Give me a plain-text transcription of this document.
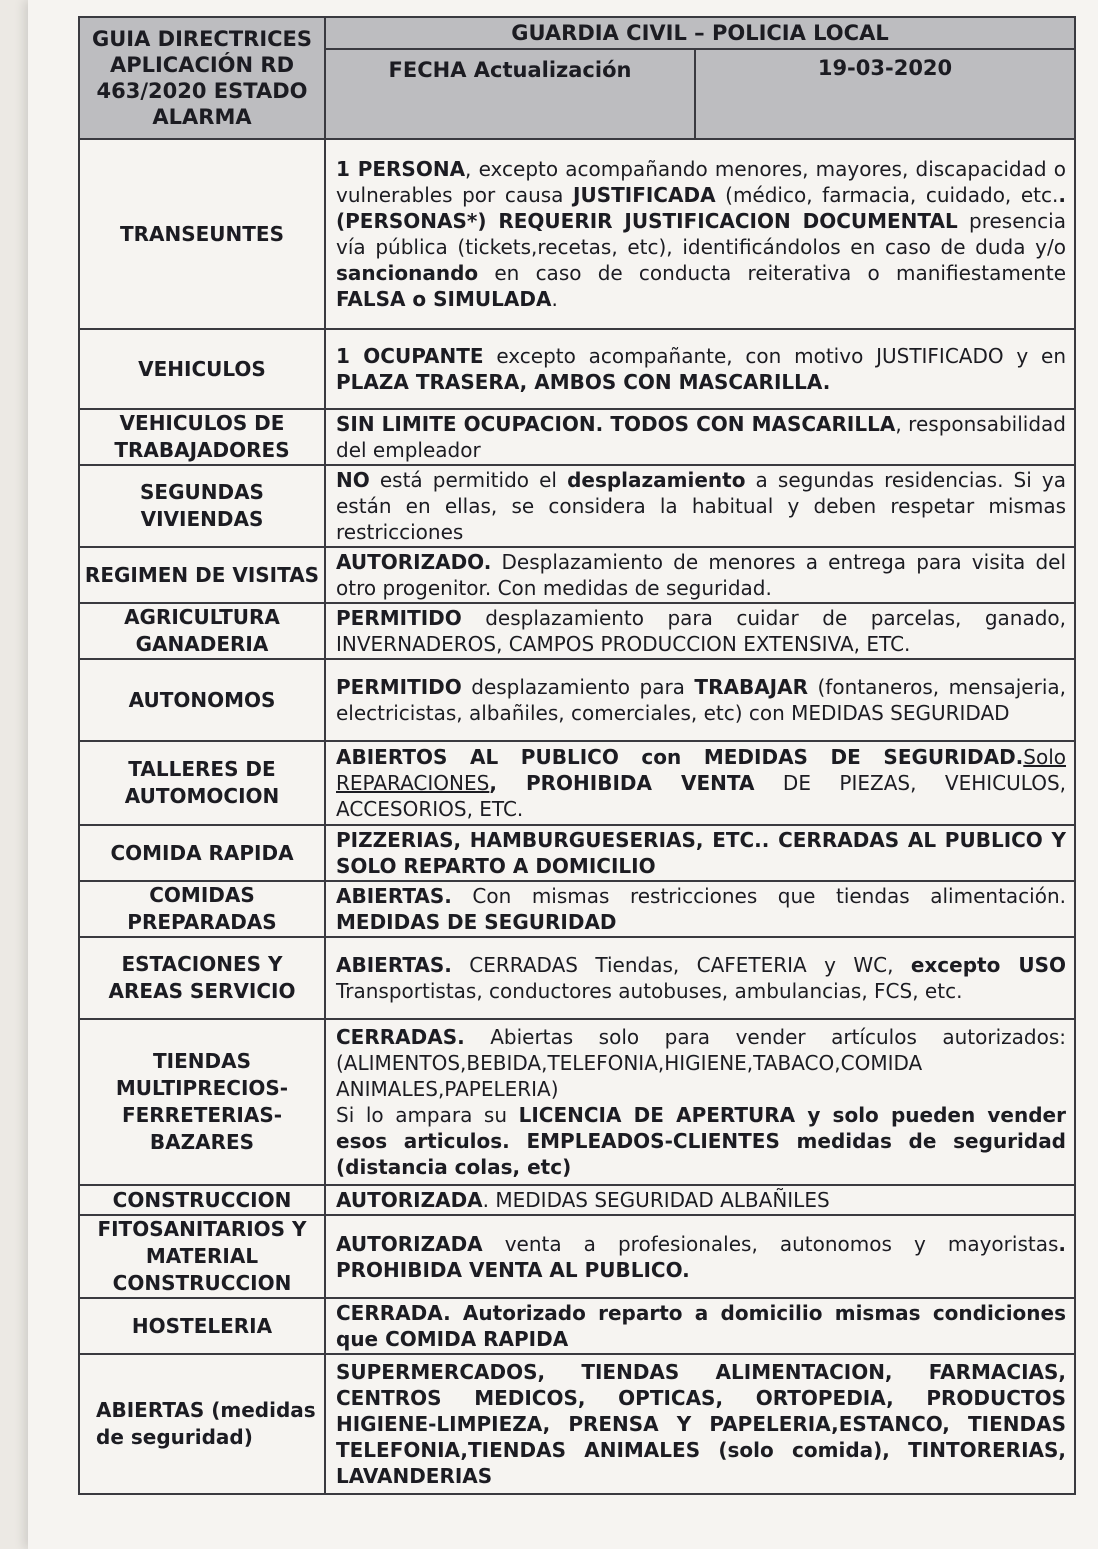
GUIA DIRECTRICES APLICACIÓN RD 463/2020 ESTADO ALARMA	GUARDIA CIVIL – POLICIA LOCAL
FECHA Actualización 19-03-2020

TRANSEUNTES	1 PERSONA, excepto acompañando menores, mayores, discapacidad o vulnerables por causa JUSTIFICADA (médico, farmacia, cuidado, etc..(PERSONAS*) REQUERIR JUSTIFICACION DOCUMENTAL presencia vía pública (tickets,recetas, etc), identificándolos en caso de duda y/o sancionando en caso de conducta reiterativa o manifiestamente FALSA o SIMULADA.
VEHICULOS	1 OCUPANTE excepto acompañante, con motivo JUSTIFICADO y en PLAZA TRASERA, AMBOS CON MASCARILLA.
VEHICULOS DE TRABAJADORES	SIN LIMITE OCUPACION. TODOS CON MASCARILLA, responsabilidad del empleador
SEGUNDAS VIVIENDAS	NO está permitido el desplazamiento a segundas residencias. Si ya están en ellas, se considera la habitual y deben respetar mismas restricciones
REGIMEN DE VISITAS	AUTORIZADO. Desplazamiento de menores a entrega para visita del otro progenitor. Con medidas de seguridad.
AGRICULTURA GANADERIA	PERMITIDO desplazamiento para cuidar de parcelas, ganado, INVERNADEROS, CAMPOS PRODUCCION EXTENSIVA, ETC.
AUTONOMOS	PERMITIDO desplazamiento para TRABAJAR (fontaneros, mensajeria, electricistas, albañiles, comerciales, etc) con MEDIDAS SEGURIDAD
TALLERES DE AUTOMOCION	ABIERTOS AL PUBLICO con MEDIDAS DE SEGURIDAD.Solo REPARACIONES, PROHIBIDA VENTA DE PIEZAS, VEHICULOS, ACCESORIOS, ETC.
COMIDA RAPIDA	PIZZERIAS, HAMBURGUESERIAS, ETC.. CERRADAS AL PUBLICO Y SOLO REPARTO A DOMICILIO
COMIDAS PREPARADAS	ABIERTAS. Con mismas restricciones que tiendas alimentación. MEDIDAS DE SEGURIDAD
ESTACIONES Y AREAS SERVICIO	ABIERTAS. CERRADAS Tiendas, CAFETERIA y WC, excepto USO Transportistas, conductores autobuses, ambulancias, FCS, etc.
TIENDAS MULTIPRECIOS-FERRETERIAS-BAZARES	CERRADAS. Abiertas solo para vender artículos autorizados: (ALIMENTOS,BEBIDA,TELEFONIA,HIGIENE,TABACO,COMIDA ANIMALES,PAPELERIA)
Si lo ampara su LICENCIA DE APERTURA y solo pueden vender esos articulos. EMPLEADOS-CLIENTES medidas de seguridad (distancia colas, etc)
CONSTRUCCION	AUTORIZADA. MEDIDAS SEGURIDAD ALBAÑILES
FITOSANITARIOS Y MATERIAL CONSTRUCCION	AUTORIZADA venta a profesionales, autonomos y mayoristas. PROHIBIDA VENTA AL PUBLICO.
HOSTELERIA	CERRADA. Autorizado reparto a domicilio mismas condiciones que COMIDA RAPIDA
ABIERTAS (medidas de seguridad)	SUPERMERCADOS, TIENDAS ALIMENTACION, FARMACIAS, CENTROS MEDICOS, OPTICAS, ORTOPEDIA, PRODUCTOS HIGIENE-LIMPIEZA, PRENSA Y PAPELERIA,ESTANCO, TIENDAS TELEFONIA,TIENDAS ANIMALES (solo comida), TINTORERIAS, LAVANDERIAS
